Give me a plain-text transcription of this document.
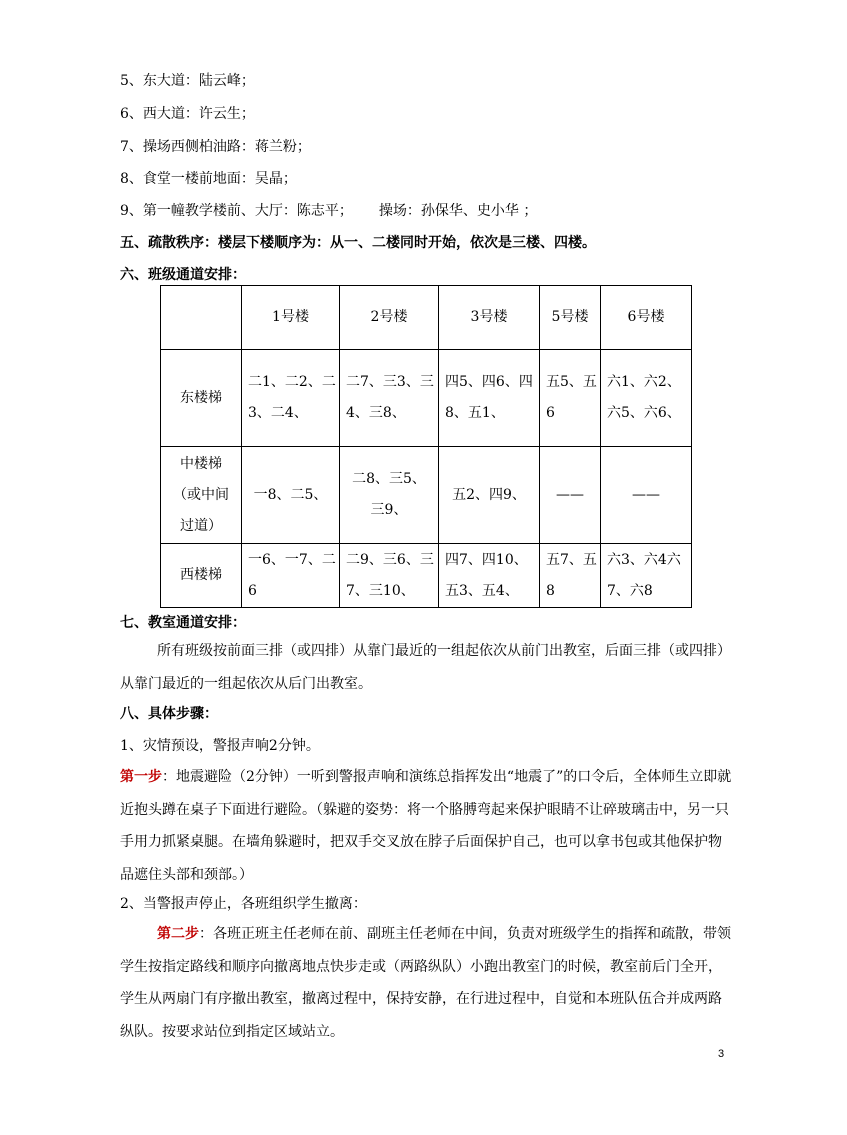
5、东大道：陆云峰；
6、西大道：许云生；
7、操场西侧柏油路：蒋兰粉；
8、食堂一楼前地面：吴晶；
9、第一幢教学楼前、大厅：陈志平； 操场：孙保华、史小华 ；
五、疏散秩序：楼层下楼顺序为：从一、二楼同时开始，依次是三楼、四楼。
六、班级通道安排：
	1号楼	2号楼	3号楼	5号楼	6号楼
东楼梯	二1、二2、二3、二4、	二7、三3、三4、三8、	四5、四6、四8、五1、	五5、五6	六1、六2、六5、六6、
中楼梯（或中间过道）	一8、二5、	二8、三5、三9、	五2、四9、	——	——
西楼梯	一6、一7、二6	二9、三6、三7、三10、	四7、四10、五3、五4、	五7、五8	六3、六4六7、六8
七、教室通道安排：
所有班级按前面三排（或四排）从靠门最近的一组起依次从前门出教室，后面三排（或四排）从靠门最近的一组起依次从后门出教室。
八、具体步骤：
1、灾情预设，警报声响2分钟。
第一步：地震避险（2分钟）一听到警报声响和演练总指挥发出“地震了”的口令后，全体师生立即就近抱头蹲在桌子下面进行避险。（躲避的姿势：将一个胳膊弯起来保护眼睛不让碎玻璃击中，另一只手用力抓紧桌腿。在墙角躲避时，把双手交叉放在脖子后面保护自己，也可以拿书包或其他保护物品遮住头部和颈部。）
2、当警报声停止，各班组织学生撤离：
第二步：各班正班主任老师在前、副班主任老师在中间，负责对班级学生的指挥和疏散，带领学生按指定路线和顺序向撤离地点快步走或（两路纵队）小跑出教室门的时候，教室前后门全开，学生从两扇门有序撤出教室，撤离过程中，保持安静，在行进过程中，自觉和本班队伍合并成两路纵队。按要求站位到指定区域站立。
3
